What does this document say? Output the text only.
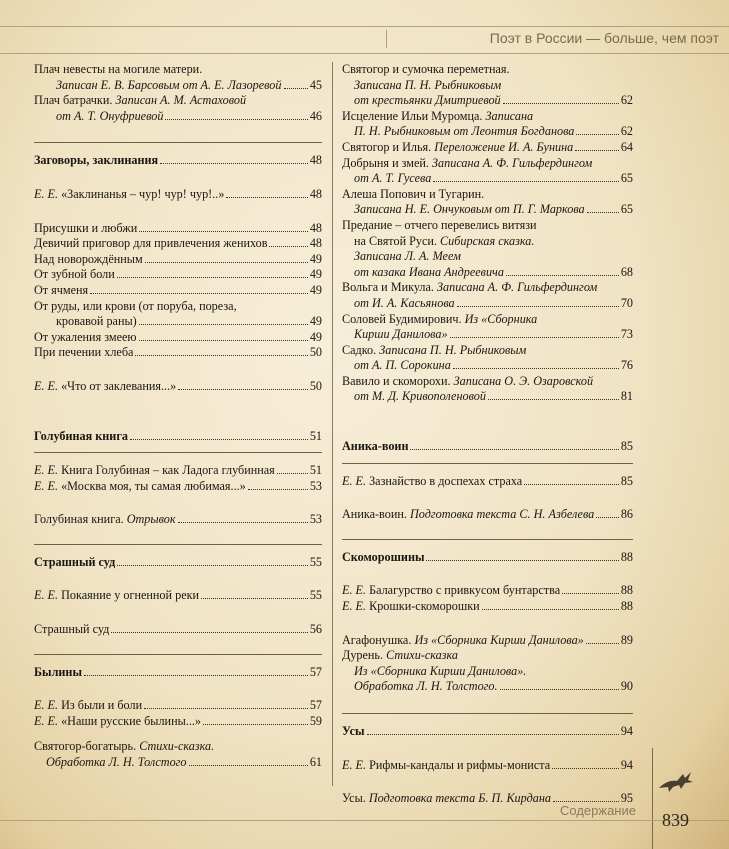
Поэт в России — больше, чем поэт
Плач невесты на могиле матери.
Записан Е. В. Барсовым от А. Е. Лазоревой 45
Плач батрачки. Записан А. М. Астаховой
от А. Т. Онуфриевой	46
Заговоры, заклинания	48
Е. Е. «Заклинанья – чур! чур! чур!..»	48
Присушки и любжи	48
Девичий приговор для привлечения женихов	48
Над новорождённым	49
От зубной боли	49
От ячменя	49
От руды, или крови (от поруба, пореза,
кровавой раны)	49
От ужаления змеею	49
При печении хлеба	50
Е. Е. «Что от заклевания...»	50
Голубиная книга	51
Е. Е. Книга Голубиная – как Ладога глубинная	51
Е. Е. «Москва моя, ты самая любимая...»	53
Голубиная книга. Отрывок	53
Страшный суд	55
Е. Е. Покаяние у огненной реки	55
Страшный суд	56
Былины	57
Е. Е. Из были и боли	57
Е. Е. «Наши русские былины...»	59
Святогор-богатырь. Стихи-сказка.
Обработка Л. Н. Толстого	61
Святогор и сумочка переметная.
Записана П. Н. Рыбниковым
от крестьянки Дмитриевой	62
Исцеление Ильи Муромца. Записана
П. Н. Рыбниковым от Леонтия Богданова	62
Святогор и Илья. Переложение И. А. Бунина	64
Добрыня и змей. Записана А. Ф. Гильфердингом
от А. Т. Гусева	65
Алеша Попович и Тугарин.
Записана Н. Е. Ончуковым от П. Г. Маркова	65
Предание – отчего перевелись витязи
на Святой Руси. Сибирская сказка.
Записана Л. А. Меем
от казака Ивана Андреевича	68
Вольга и Микула. Записана А. Ф. Гильфердингом
от И. А. Касьянова	70
Соловей Будимирович. Из «Сборника
Кирши Данилова»	73
Садко. Записана П. Н. Рыбниковым
от А. П. Сорокина	76
Вавило и скоморохи. Записана О. Э. Озаровской
от М. Д. Кривополеновой	81
Аника-воин	85
Е. Е. Зазнайство в доспехах страха	85
Аника-воин. Подготовка текста С. Н. Азбелева 86
Скоморошины	88
Е. Е. Балагурство с привкусом бунтарства	88
Е. Е. Крошки-скоморошки	88
Агафонушка. Из «Сборника Кирши Данилова»	89
Дурень. Стихи-сказка
Из «Сборника Кирши Данилова».
Обработка Л. Н. Толстого.	90
Усы	94
Е. Е. Рифмы-кандалы и рифмы-мониста	94
Усы. Подготовка текста Б. П. Кирдана	95
Содержание 839
